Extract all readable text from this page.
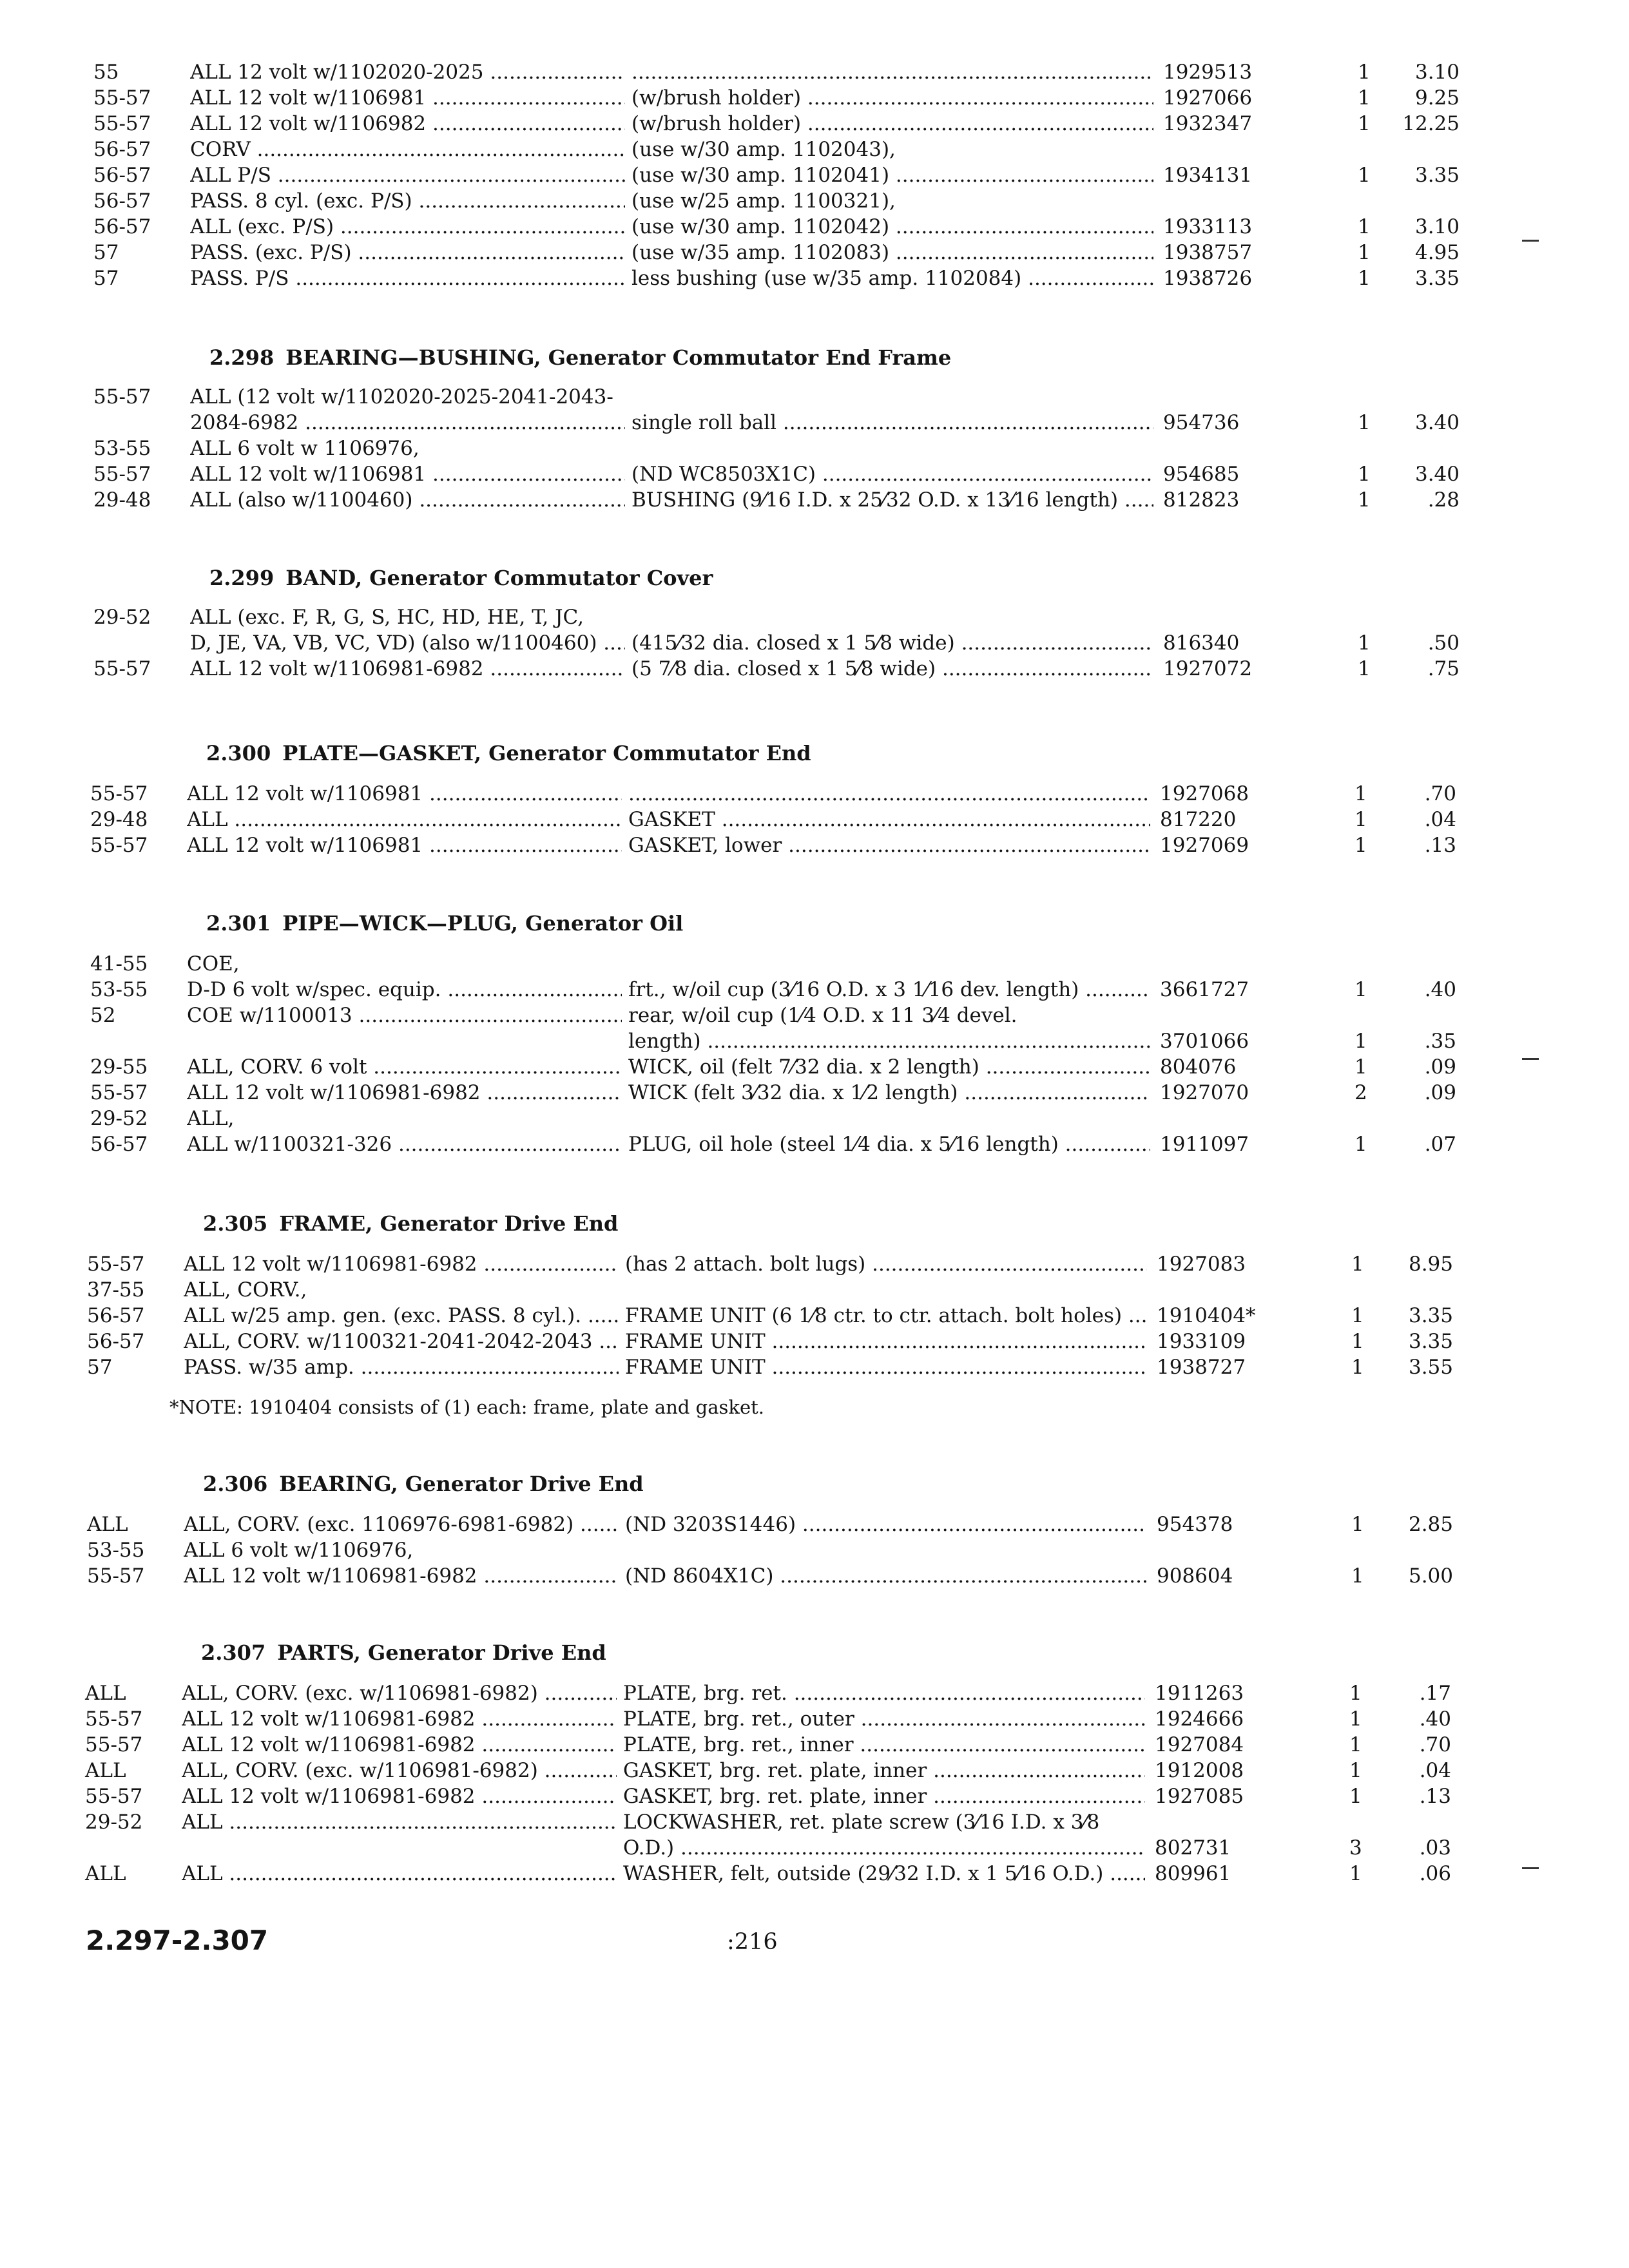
55	ALL 12 volt w/1102020-2025 ..... .....	1929513	1	3.10
55-57	ALL 12 volt w/1106981 .....	(w/brush holder) .....	1927066	1	9.25
55-57	ALL 12 volt w/1106982 .....	(w/brush holder) .....	1932347	1	12.25
56-57	CORV .....	(use w/30 amp. 1102043),
56-57	ALL P/S .....	(use w/30 amp. 1102041) .....	1934131	1	3.35
56-57	PASS. 8 cyl. (exc. P/S) .....	(use w/25 amp. 1100321),
56-57	ALL (exc. P/S) .....	(use w/30 amp. 1102042) .....	1933113	1	3.10
57	PASS. (exc. P/S) .....	(use w/35 amp. 1102083) .....	1938757	1	4.95
57	PASS. P/S .....	less bushing (use w/35 amp. 1102084) .....	1938726	1	3.35
2.298 BEARING—BUSHING, Generator Commutator End Frame
55-57	ALL (12 volt w/1102020-2025-2041-2043-
2084-6982 .....	single roll ball .....	954736	1	3.40
53-55	ALL 6 volt w 1106976,
55-57	ALL 12 volt w/1106981 .....	(ND WC8503X1C) .....	954685	1	3.40
29-48	ALL (also w/1100460) .....	BUSHING (9⁄16 I.D. x 25⁄32 O.D. x 13⁄16 length) .....	812823	1	.28
2.299 BAND, Generator Commutator Cover
29-52	ALL (exc. F, R, G, S, HC, HD, HE, T, JC,
D, JE, VA, VB, VC, VD) (also w/1100460) .....	(415⁄32 dia. closed x 1 5⁄8 wide) .....	816340	1	.50
55-57	ALL 12 volt w/1106981-6982 .....	(5 7⁄8 dia. closed x 1 5⁄8 wide) .....	1927072	1	.75
2.300 PLATE—GASKET, Generator Commutator End
55-57	ALL 12 volt w/1106981 ..... .....	1927068	1	.70
29-48	ALL .....	GASKET .....	817220	1	.04
55-57	ALL 12 volt w/1106981 .....	GASKET, lower .....	1927069	1	.13
2.301 PIPE—WICK—PLUG, Generator Oil
41-55	COE,
53-55	D-D 6 volt w/spec. equip. .....	frt., w/oil cup (3⁄16 O.D. x 3 1⁄16 dev. length) .....	3661727	1	.40
52	COE w/1100013 .....	rear, w/oil cup (1⁄4 O.D. x 11 3⁄4 devel.
length) .....	3701066	1	.35
29-55	ALL, CORV. 6 volt .....	WICK, oil (felt 7⁄32 dia. x 2 length) .....	804076	1	.09
55-57	ALL 12 volt w/1106981-6982 .....	WICK (felt 3⁄32 dia. x 1⁄2 length) .....	1927070	2	.09
29-52	ALL,
56-57	ALL w/1100321-326 .....	PLUG, oil hole (steel 1⁄4 dia. x 5⁄16 length) .....	1911097	1	.07
2.305 FRAME, Generator Drive End
55-57	ALL 12 volt w/1106981-6982 .....	(has 2 attach. bolt lugs) .....	1927083	1	8.95
37-55	ALL, CORV.,
56-57	ALL w/25 amp. gen. (exc. PASS. 8 cyl.). .....	FRAME UNIT (6 1⁄8 ctr. to ctr. attach. bolt holes) .....	1910404*	1	3.35
56-57	ALL, CORV. w/1100321-2041-2042-2043 .....	FRAME UNIT .....	1933109	1	3.35
57	PASS. w/35 amp. .....	FRAME UNIT .....	1938727	1	3.55
*NOTE: 1910404 consists of (1) each: frame, plate and gasket.
2.306 BEARING, Generator Drive End
ALL	ALL, CORV. (exc. 1106976-6981-6982) .....	(ND 3203S1446) .....	954378	1	2.85
53-55	ALL 6 volt w/1106976,
55-57	ALL 12 volt w/1106981-6982 .....	(ND 8604X1C) .....	908604	1	5.00
2.307 PARTS, Generator Drive End
ALL	ALL, CORV. (exc. w/1106981-6982) .....	PLATE, brg. ret. .....	1911263	1	.17
55-57	ALL 12 volt w/1106981-6982 .....	PLATE, brg. ret., outer .....	1924666	1	.40
55-57	ALL 12 volt w/1106981-6982 .....	PLATE, brg. ret., inner .....	1927084	1	.70
ALL	ALL, CORV. (exc. w/1106981-6982) .....	GASKET, brg. ret. plate, inner .....	1912008	1	.04
55-57	ALL 12 volt w/1106981-6982 .....	GASKET, brg. ret. plate, inner .....	1927085	1	.13
29-52	ALL .....	LOCKWASHER, ret. plate screw (3⁄16 I.D. x 3⁄8
O.D.) .....	802731	3	.03
ALL	ALL .....	WASHER, felt, outside (29⁄32 I.D. x 1 5⁄16 O.D.) .....	809961	1	.06
2.297-2.307	:216
